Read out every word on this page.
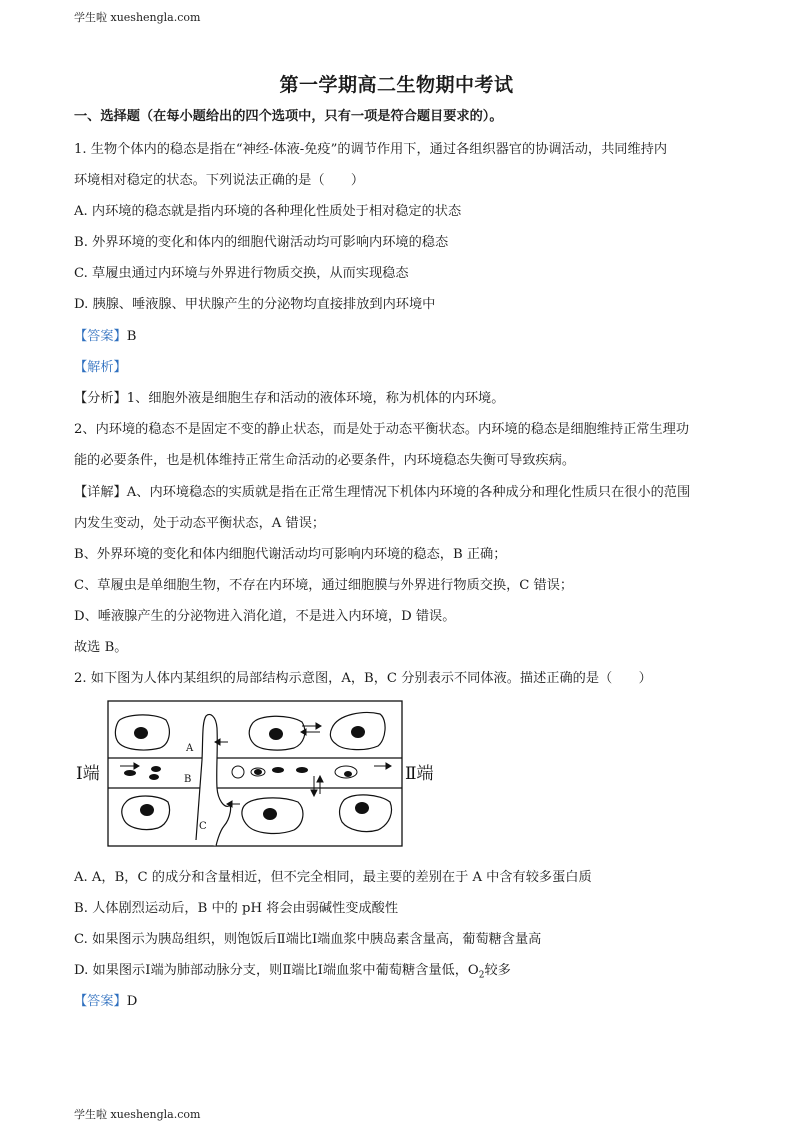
学生啦 xueshengla.com
第一学期高二生物期中考试
一、选择题（在每小题给出的四个选项中，只有一项是符合题目要求的）。
1. 生物个体内的稳态是指在“神经-体液-免疫”的调节作用下，通过各组织器官的协调活动，共同维持内
环境相对稳定的状态。下列说法正确的是（　　）
A. 内环境的稳态就是指内环境的各种理化性质处于相对稳定的状态
B. 外界环境的变化和体内的细胞代谢活动均可影响内环境的稳态
C. 草履虫通过内环境与外界进行物质交换，从而实现稳态
D. 胰腺、唾液腺、甲状腺产生的分泌物均直接排放到内环境中
【答案】B
【解析】
【分析】1、细胞外液是细胞生存和活动的液体环境，称为机体的内环境。
2、内环境的稳态不是固定不变的静止状态，而是处于动态平衡状态。内环境的稳态是细胞维持正常生理功
能的必要条件，也是机体维持正常生命活动的必要条件，内环境稳态失衡可导致疾病。
【详解】A、内环境稳态的实质就是指在正常生理情况下机体内环境的各种成分和理化性质只在很小的范围
内发生变动，处于动态平衡状态，A 错误；
B、外界环境的变化和体内细胞代谢活动均可影响内环境的稳态，B 正确；
C、草履虫是单细胞生物，不存在内环境，通过细胞膜与外界进行物质交换，C 错误；
D、唾液腺产生的分泌物进入消化道，不是进入内环境，D 错误。
故选 B。
2. 如下图为人体内某组织的局部结构示意图，A，B，C 分别表示不同体液。描述正确的是（　　）
Ⅰ端	Ⅱ端
A
B
C
A. A，B，C 的成分和含量相近，但不完全相同，最主要的差别在于 A 中含有较多蛋白质
B. 人体剧烈运动后，B 中的 pH 将会由弱碱性变成酸性
C. 如果图示为胰岛组织，则饱饭后Ⅱ端比Ⅰ端血浆中胰岛素含量高，葡萄糖含量高
D. 如果图示Ⅰ端为肺部动脉分支，则Ⅱ端比Ⅰ端血浆中葡萄糖含量低，$O_2$较多
【答案】D
学生啦 xueshengla.com
